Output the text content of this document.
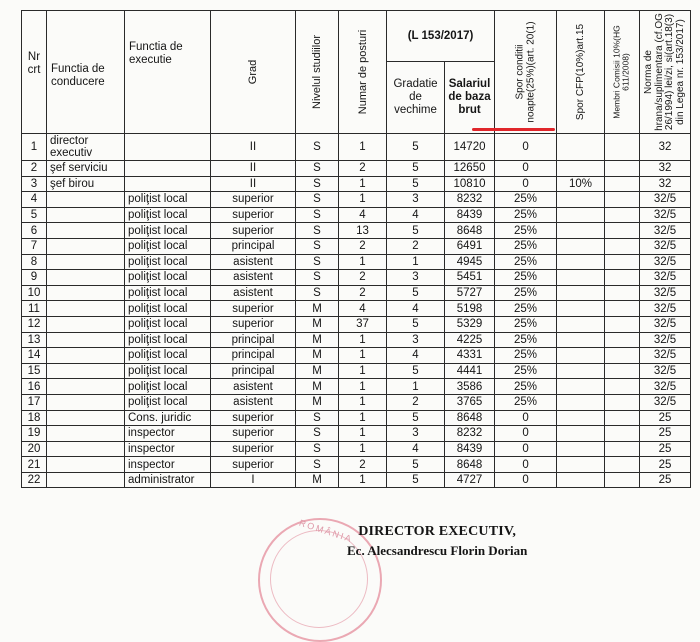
Nr crt	Functia de conducere	Functia de executie	Grad	Nivelul studiilor	Numar de posturi	(L 153/2017)		Spor conditii noapte(25%)(art. 20(1)	Spor CFP(10%)art.15	Membri Comisii 10%(HG 611/2008)	Norma de hrana/suplimentara (cf.OG 26/1994) lei/zi, si(art.18(3) din Legea nr. 153/2017)

						Gradatie de vechime	Salariul de baza brut				
1	director executiv		II	S	1	5	14720	0			32
2	şef serviciu		II	S	2	5	12650	0			32
3	şef birou		II	S	1	5	10810	0	10%		32
4		poliţist local	superior	S	1	3	8232	25%			32/5
5		poliţist local	superior	S	4	4	8439	25%			32/5
6		poliţist local	superior	S	13	5	8648	25%			32/5
7		poliţist local	principal	S	2	2	6491	25%			32/5
8		poliţist local	asistent	S	1	1	4945	25%			32/5
9		poliţist local	asistent	S	2	3	5451	25%			32/5
10		poliţist local	asistent	S	2	5	5727	25%			32/5
11		poliţist local	superior	M	4	4	5198	25%			32/5
12		poliţist local	superior	M	37	5	5329	25%			32/5
13		poliţist local	principal	M	1	3	4225	25%			32/5
14		poliţist local	principal	M	1	4	4331	25%			32/5
15		poliţist local	principal	M	1	5	4441	25%			32/5
16		poliţist local	asistent	M	1	1	3586	25%			32/5
17		poliţist local	asistent	M	1	2	3765	25%			32/5
18		Cons. juridic	superior	S	1	5	8648	0			25
19		inspector	superior	S	1	3	8232	0			25
20		inspector	superior	S	1	4	8439	0			25
21		inspector	superior	S	2	5	8648	0			25
22		administrator	I	M	1	5	4727	0			25
ROMÂNIA DIRECTOR EXECUTIV,
Ec. Alecsandrescu Florin Dorian
